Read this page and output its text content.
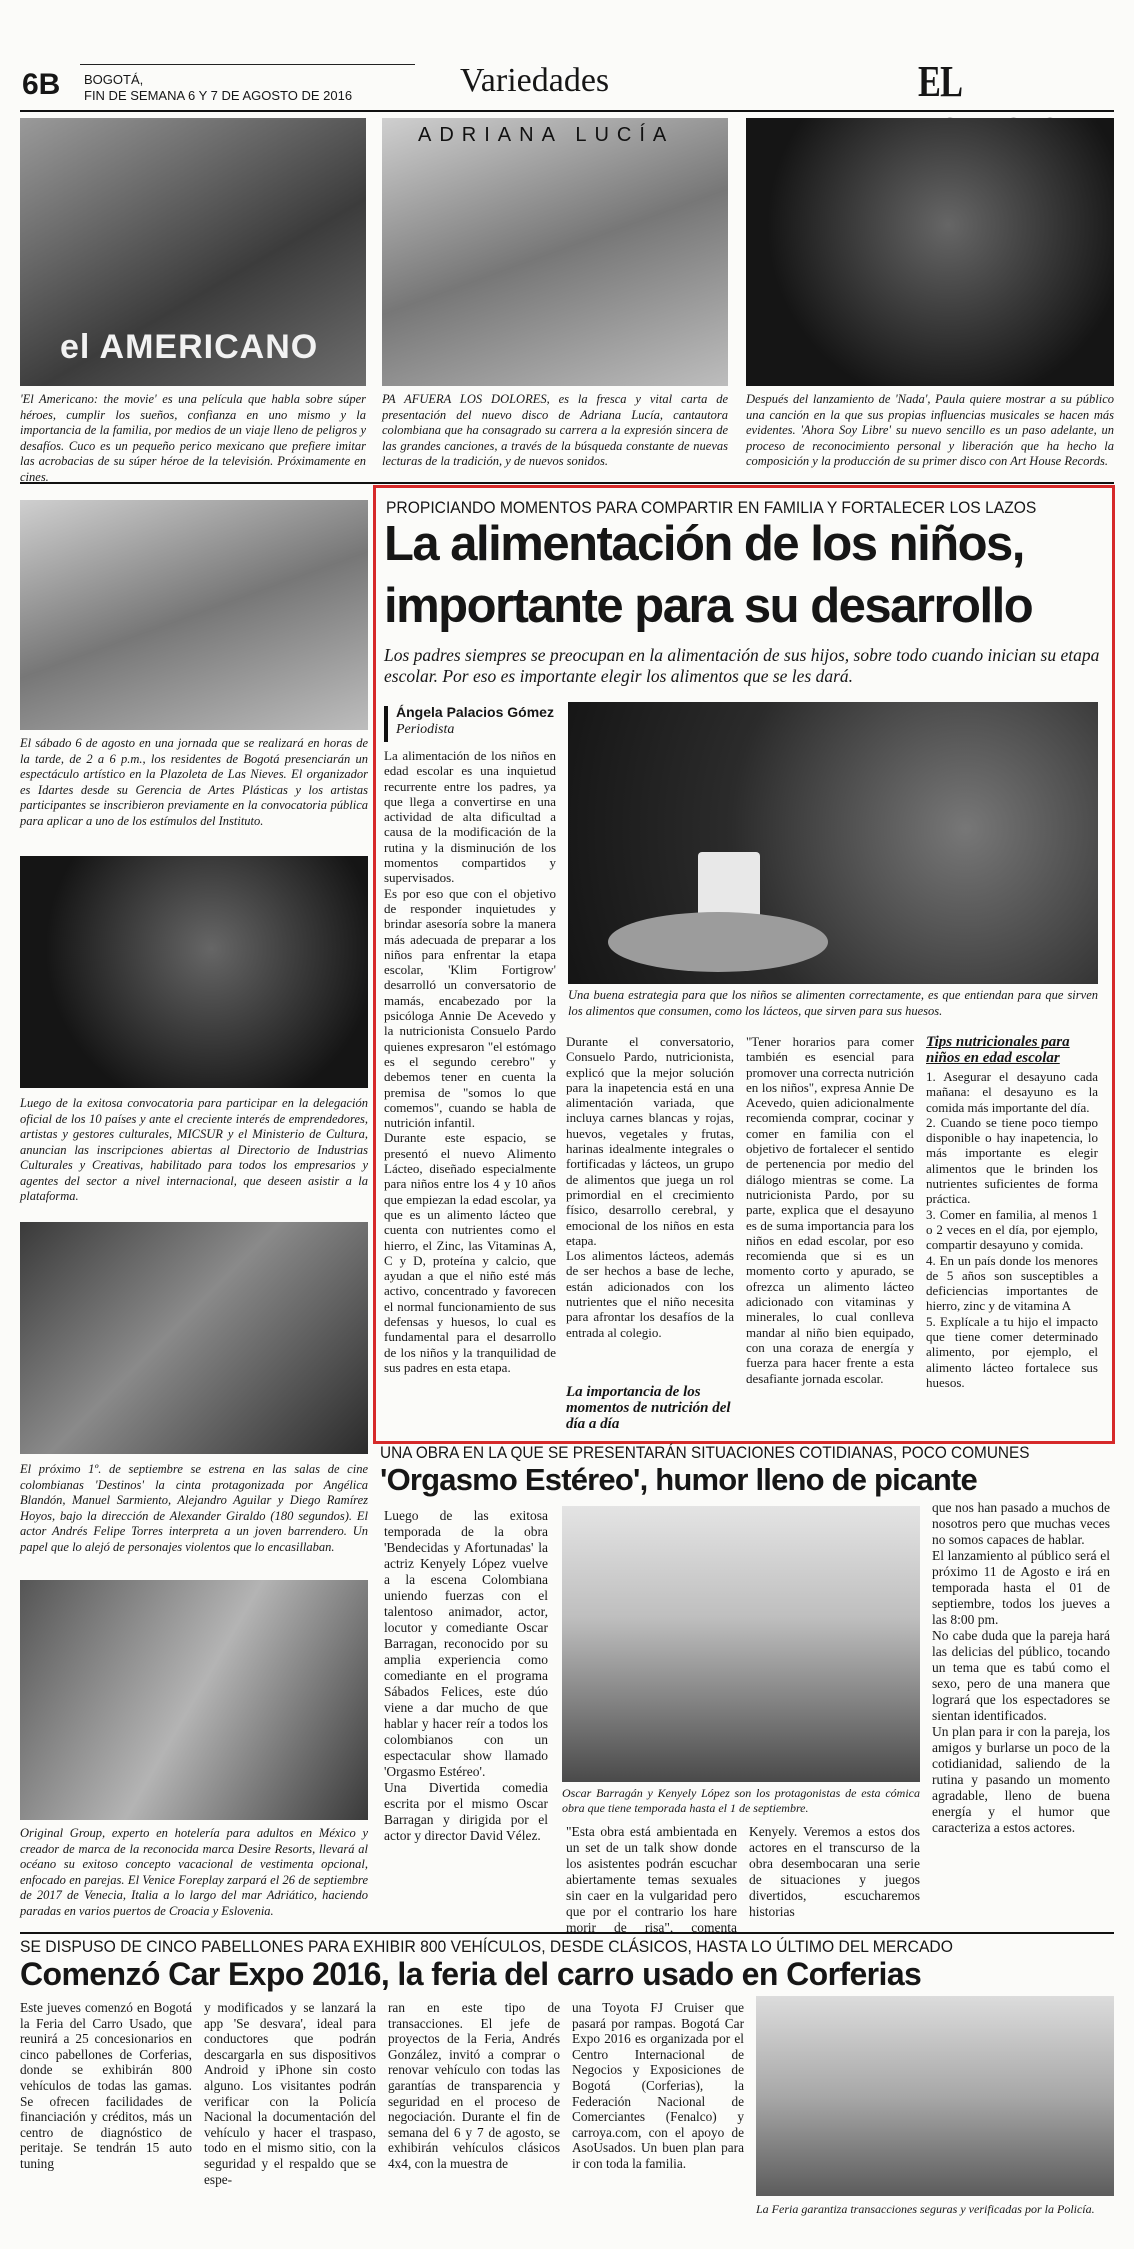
6B BOGOTÁ,
FIN DE SEMANA 6 Y 7 DE AGOSTO DE 2016	Variedades	EL
el AMERICANO

'El Americano: the movie' es una película que habla sobre súper héroes, cumplir los sueños, confianza en uno mismo y la importancia de la familia, por medios de un viaje lleno de peligros y desafíos. Cuco es un pequeño perico mexicano que prefiere imitar las acrobacias de su súper héroe de la televisión. Próximamente en cines.

ADRIANA LUCÍA

PA AFUERA LOS DOLORES, es la fresca y vital carta de presentación del nuevo disco de Adriana Lucía, cantautora colombiana que ha consagrado su carrera a la expresión sincera de las grandes canciones, a través de la búsqueda constante de nuevas lecturas de la tradición, y de nuevos sonidos.

Después del lanzamiento de 'Nada', Paula quiere mostrar a su público una canción en la que sus propias influencias musicales se hacen más evidentes. 'Ahora Soy Libre' su nuevo sencillo es un paso adelante, un proceso de reconocimiento personal y liberación que ha hecho la composición y la producción de su primer disco con Art House Records.

El sábado 6 de agosto en una jornada que se realizará en horas de la tarde, de 2 a 6 p.m., los residentes de Bogotá presenciarán un espectáculo artístico en la Plazoleta de Las Nieves. El organizador es Idartes desde su Gerencia de Artes Plásticas y los artistas participantes se inscribieron previamente en la convocatoria pública para aplicar a uno de los estímulos del Instituto.

Luego de la exitosa convocatoria para participar en la delegación oficial de los 10 países y ante el creciente interés de emprendedores, artistas y gestores culturales, MICSUR y el Ministerio de Cultura, anuncian las inscripciones abiertas al Directorio de Industrias Culturales y Creativas, habilitado para todos los empresarios y agentes del sector a nivel internacional, que deseen asistir a la plataforma.

El próximo 1º. de septiembre se estrena en las salas de cine colombianas 'Destinos' la cinta protagonizada por Angélica Blandón, Manuel Sarmiento, Alejandro Aguilar y Diego Ramírez Hoyos, bajo la dirección de Alexander Giraldo (180 segundos). El actor Andrés Felipe Torres interpreta a un joven barrendero. Un papel que lo alejó de personajes violentos que lo encasillaban.

Original Group, experto en hotelería para adultos en México y creador de marca de la reconocida marca Desire Resorts, llevará al océano su exitoso concepto vacacional de vestimenta opcional, enfocado en parejas. El Venice Foreplay zarpará el 26 de septiembre de 2017 de Venecia, Italia a lo largo del mar Adriático, haciendo paradas en varios puertos de Croacia y Eslovenia.

PROPICIANDO MOMENTOS PARA COMPARTIR EN FAMILIA Y FORTALECER LOS LAZOS
La alimentación de los niños,
importante para su desarrollo

Los padres siempres se preocupan en la alimentación de sus hijos, sobre todo cuando inician su etapa escolar. Por eso es importante elegir los alimentos que se les dará.

Ángela Palacios Gómez
Periodista

La alimentación de los niños en edad escolar es una inquietud recurrente entre los padres, ya que llega a convertirse en una actividad de alta dificultad a causa de la modificación de la rutina y la disminución de los momentos compartidos y supervisados.

Es por eso que con el objetivo de responder inquietudes y brindar asesoría sobre la manera más adecuada de preparar a los niños para enfrentar la etapa escolar, 'Klim Fortigrow' desarrolló un conversatorio de mamás, encabezado por la psicóloga Annie De Acevedo y la nutricionista Consuelo Pardo quienes expresaron "el estómago es el segundo cerebro" y debemos tener en cuenta la premisa de "somos lo que comemos", cuando se habla de nutrición infantil.

Durante este espacio, se presentó el nuevo Alimento Lácteo, diseñado especialmente para niños entre los 4 y 10 años que empiezan la edad escolar, ya que es un alimento lácteo que cuenta con nutrientes como el hierro, el Zinc, las Vitaminas A, C y D, proteína y calcio, que ayudan a que el niño esté más activo, concentrado y favorecen el normal funcionamiento de sus defensas y huesos, lo cual es fundamental para el desarrollo de los niños y la tranquilidad de sus padres en esta etapa.

Una buena estrategia para que los niños se alimenten correctamente, es que entiendan para que sirven los alimentos que consumen, como los lácteos, que sirven para sus huesos.

Durante el conversatorio, Consuelo Pardo, nutricionista, explicó que la mejor solución para la inapetencia está en una alimentación variada, que incluya carnes blancas y rojas, huevos, vegetales y frutas, harinas idealmente integrales o fortificadas y lácteos, un grupo de alimentos que juega un rol primordial en el crecimiento físico, desarrollo cerebral, y emocional de los niños en esta etapa.

Los alimentos lácteos, además de ser hechos a base de leche, están adicionados con los nutrientes que el niño necesita para afrontar los desafíos de la entrada al colegio.

La importancia de los momentos de nutrición del día a día

"Tener horarios para comer también es esencial para promover una correcta nutrición en los niños", expresa Annie De Acevedo, quien adicionalmente recomienda comprar, cocinar y comer en familia con el objetivo de fortalecer el sentido de pertenencia por medio del diálogo mientras se come. La nutricionista Pardo, por su parte, explica que el desayuno es de suma importancia para los niños en edad escolar, por eso recomienda que si es un momento corto y apurado, se ofrezca un alimento lácteo adicionado con vitaminas y minerales, lo cual conlleva mandar al niño bien equipado, con una coraza de energía y fuerza para hacer frente a esta desafiante jornada escolar.

Tips nutricionales para niños en edad escolar

1. Asegurar el desayuno cada mañana: el desayuno es la comida más importante del día.

2. Cuando se tiene poco tiempo disponible o hay inapetencia, lo más importante es elegir alimentos que le brinden los nutrientes suficientes de forma práctica.

3. Comer en familia, al menos 1 o 2 veces en el día, por ejemplo, compartir desayuno y comida.

4. En un país donde los menores de 5 años son susceptibles a deficiencias importantes de hierro, zinc y de vitamina A

5. Explícale a tu hijo el impacto que tiene comer determinado alimento, por ejemplo, el alimento lácteo fortalece sus huesos.

UNA OBRA EN LA QUE SE PRESENTARÁN SITUACIONES COTIDIANAS, POCO COMUNES
'Orgasmo Estéreo', humor lleno de picante

Luego de las exitosa temporada de la obra 'Bendecidas y Afortunadas' la actriz Kenyely López vuelve a la escena Colombiana uniendo fuerzas con el talentoso animador, actor, locutor y comediante Oscar Barragan, reconocido por su amplia experiencia como comediante en el programa Sábados Felices, este dúo viene a dar mucho de que hablar y hacer reír a todos los colombianos con un espectacular show llamado 'Orgasmo Estéreo'.

Una Divertida comedia escrita por el mismo Oscar Barragan y dirigida por el actor y director David Vélez.

Oscar Barragán y Kenyely López son los protagonistas de esta cómica obra que tiene temporada hasta el 1 de septiembre.

"Esta obra está ambientada en un set de un talk show donde los asistentes podrán escuchar abiertamente temas sexuales sin caer en la vulgaridad pero que por el contrario los hare morir de risa", comenta Kenyely. Veremos a estos dos actores en el transcurso de la obra desembocaran una serie de situaciones y juegos divertidos, escucharemos historias

que nos han pasado a muchos de nosotros pero que muchas veces no somos capaces de hablar.

El lanzamiento al público será el próximo 11 de Agosto e irá en temporada hasta el 01 de septiembre, todos los jueves a las 8:00 pm.

No cabe duda que la pareja hará las delicias del público, tocando un tema que es tabú como el sexo, pero de una manera que logrará que los espectadores se sientan identificados.

Un plan para ir con la pareja, los amigos y burlarse un poco de la cotidianidad, saliendo de la rutina y pasando un momento agradable, lleno de buena energía y el humor que caracteriza a estos actores.

SE DISPUSO DE CINCO PABELLONES PARA EXHIBIR 800 VEHÍCULOS, DESDE CLÁSICOS, HASTA LO ÚLTIMO DEL MERCADO
Comenzó Car Expo 2016, la feria del carro usado en Corferias
Este jueves comenzó en Bogotá la Feria del Carro Usado, que reunirá a 25 concesionarios en cinco pabellones de Corferias, donde se exhibirán 800 vehículos de todas las gamas. Se ofrecen facilidades de financiación y créditos, más un centro de diagnóstico de peritaje. Se tendrán 15 auto tuning
y modificados y se lanzará la app 'Se desvara', ideal para conductores que podrán descargarla en sus dispositivos Android y iPhone sin costo alguno. Los visitantes podrán verificar con la Policía Nacional la documentación del vehículo y hacer el traspaso, todo en el mismo sitio, con la seguridad y el respaldo que se espe-
ran en este tipo de transacciones. El jefe de proyectos de la Feria, Andrés González, invitó a comprar o renovar vehículo con todas las garantías de transparencia y seguridad en el proceso de negociación. Durante el fin de semana del 6 y 7 de agosto, se exhibirán vehículos clásicos 4x4, con la muestra de
una Toyota FJ Cruiser que pasará por rampas. Bogotá Car Expo 2016 es organizada por el Centro Internacional de Negocios y Exposiciones de Bogotá (Corferias), la Federación Nacional de Comerciantes (Fenalco) y carroya.com, con el apoyo de AsoUsados. Un buen plan para ir con toda la familia.

La Feria garantiza transacciones seguras y verificadas por la Policía.
